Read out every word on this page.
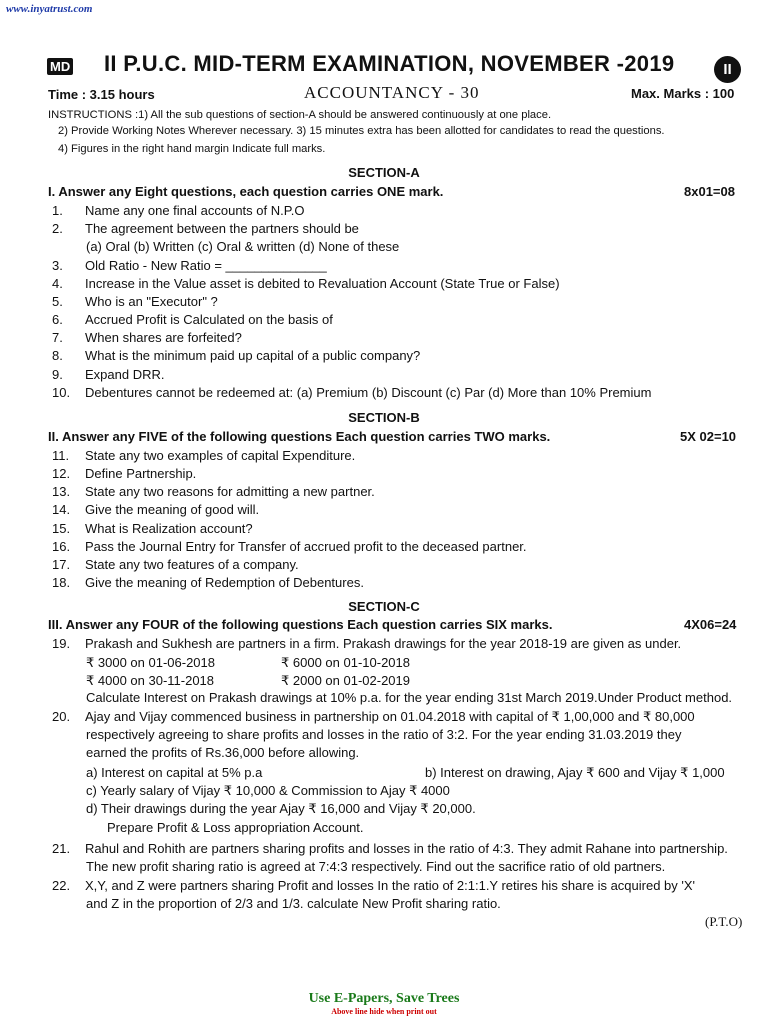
www.inyatrust.com
MD II P.U.C. MID-TERM EXAMINATION, NOVEMBER -2019	II
Time : 3.15 hours	ACCOUNTANCY - 30	Max. Marks : 100
INSTRUCTIONS :1) All the sub questions of section-A should be answered continuously at one place.
2) Provide Working Notes Wherever necessary. 3) 15 minutes extra has been allotted for candidates to read the questions.
4) Figures in the right hand margin Indicate full marks.
SECTION-A
I. Answer any Eight questions, each question carries ONE mark.	8x01=08
1. Name any one final accounts of N.P.O
2. The agreement between the partners should be
(a) Oral (b) Written (c) Oral & written (d) None of these
3. Old Ratio - New Ratio = ______________
4. Increase in the Value asset is debited to Revaluation Account (State True or False)
5. Who is an "Executor" ?
6. Accrued Profit is Calculated on the basis of
7. When shares are forfeited?
8. What is the minimum paid up capital of a public company?
9. Expand DRR.
10. Debentures cannot be redeemed at: (a) Premium (b) Discount (c) Par (d) More than 10% Premium
SECTION-B
II. Answer any FIVE of the following questions Each question carries TWO marks.	5X 02=10
11. State any two examples of capital Expenditure.
12. Define Partnership.
13. State any two reasons for admitting a new partner.
14. Give the meaning of good will.
15. What is Realization account?
16. Pass the Journal Entry for Transfer of accrued profit to the deceased partner.
17. State any two features of a company.
18. Give the meaning of Redemption of Debentures.
SECTION-C
III. Answer any FOUR of the following questions Each question carries SIX marks.	4X06=24
19. Prakash and Sukhesh are partners in a firm. Prakash drawings for the year 2018-19 are given as under.
₹ 3000 on 01-06-2018	₹ 6000 on 01-10-2018
₹ 4000 on 30-11-2018	₹ 2000 on 01-02-2019
Calculate Interest on Prakash drawings at 10% p.a. for the year ending 31st March 2019.Under Product method.
20. Ajay and Vijay commenced business in partnership on 01.04.2018 with capital of ₹ 1,00,000 and ₹ 80,000
respectively agreeing to share profits and losses in the ratio of 3:2. For the year ending 31.03.2019 they
earned the profits of Rs.36,000 before allowing.
a) Interest on capital at 5% p.a	b) Interest on drawing, Ajay ₹ 600 and Vijay ₹ 1,000
c) Yearly salary of Vijay ₹ 10,000 & Commission to Ajay ₹ 4000
d) Their drawings during the year Ajay ₹ 16,000 and Vijay ₹ 20,000.
Prepare Profit & Loss appropriation Account.
21. Rahul and Rohith are partners sharing profits and losses in the ratio of 4:3. They admit Rahane into partnership.
The new profit sharing ratio is agreed at 7:4:3 respectively. Find out the sacrifice ratio of old partners.
22. X,Y, and Z were partners sharing Profit and losses In the ratio of 2:1:1.Y retires his share is acquired by 'X'
and Z in the proportion of 2/3 and 1/3. calculate New Profit sharing ratio.
(P.T.O)
Use E-Papers, Save Trees
Above line hide when print out
